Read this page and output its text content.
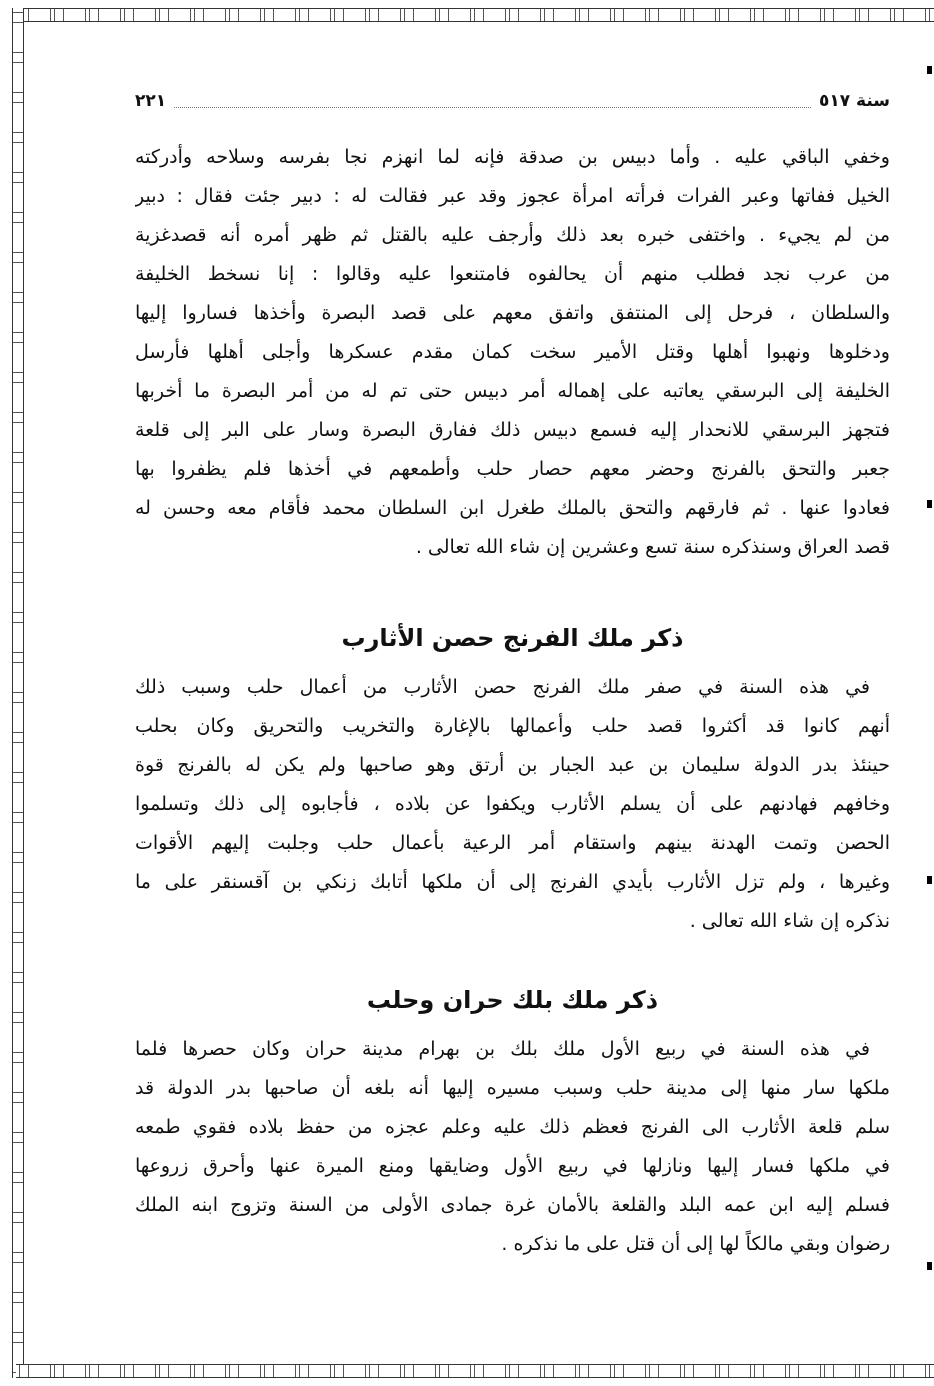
سنة ٥١٧
٢٢١
وخفي الباقي عليه . وأما دبيس بن صدقة فإنه لما انهزم نجا بفرسه وسلاحه وأدركته
الخيل ففاتها وعبر الفرات فرأته امرأة عجوز وقد عبر فقالت له : دبير جئت فقال : دبير
من لم يجيء . واختفى خبره بعد ذلك وأرجف عليه بالقتل ثم ظهر أمره أنه قصدغزية
من عرب نجد فطلب منهم أن يحالفوه فامتنعوا عليه وقالوا : إنا نسخط الخليفة
والسلطان ، فرحل إلى المنتفق واتفق معهم على قصد البصرة وأخذها فساروا إليها
ودخلوها ونهبوا أهلها وقتل الأمير سخت كمان مقدم عسكرها وأجلى أهلها فأرسل
الخليفة إلى البرسقي يعاتبه على إهماله أمر دبيس حتى تم له من أمر البصرة ما أخربها
فتجهز البرسقي للانحدار إليه فسمع دبيس ذلك ففارق البصرة وسار على البر إلى قلعة
جعبر والتحق بالفرنج وحضر معهم حصار حلب وأطمعهم في أخذها فلم يظفروا بها
فعادوا عنها . ثم فارقهم والتحق بالملك طغرل ابن السلطان محمد فأقام معه وحسن له
قصد العراق وسنذكره سنة تسع وعشرين إن شاء الله تعالى .
ذكر ملك الفرنج حصن الأثارب
في هذه السنة في صفر ملك الفرنج حصن الأثارب من أعمال حلب وسبب ذلك
أنهم كانوا قد أكثروا قصد حلب وأعمالها بالإغارة والتخريب والتحريق وكان بحلب
حينئذ بدر الدولة سليمان بن عبد الجبار بن أرتق وهو صاحبها ولم يكن له بالفرنج قوة
وخافهم فهادنهم على أن يسلم الأثارب ويكفوا عن بلاده ، فأجابوه إلى ذلك وتسلموا
الحصن وتمت الهدنة بينهم واستقام أمر الرعية بأعمال حلب وجلبت إليهم الأقوات
وغيرها ، ولم تزل الأثارب بأيدي الفرنج إلى أن ملكها أتابك زنكي بن آقسنقر على ما
نذكره إن شاء الله تعالى .
ذكر ملك بلك حران وحلب
في هذه السنة في ربيع الأول ملك بلك بن بهرام مدينة حران وكان حصرها فلما
ملكها سار منها إلى مدينة حلب وسبب مسيره إليها أنه بلغه أن صاحبها بدر الدولة قد
سلم قلعة الأثارب الى الفرنج فعظم ذلك عليه وعلم عجزه من حفظ بلاده فقوي طمعه
في ملكها فسار إليها ونازلها في ربيع الأول وضايقها ومنع الميرة عنها وأحرق زروعها
فسلم إليه ابن عمه البلد والقلعة بالأمان غرة جمادى الأولى من السنة وتزوج ابنه الملك
رضوان وبقي مالكاً لها إلى أن قتل على ما نذكره .
